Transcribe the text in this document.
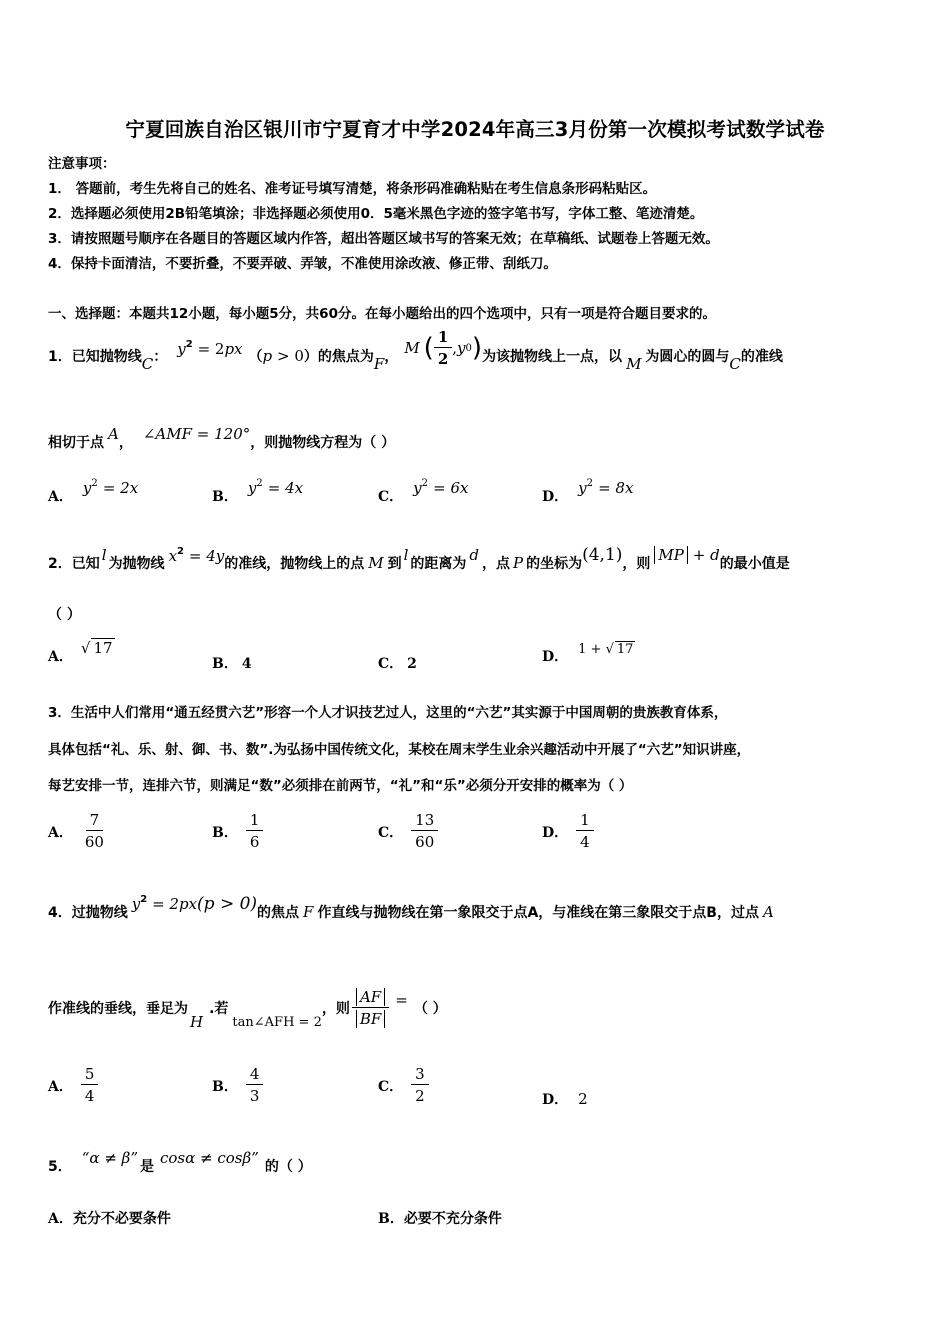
宁夏回族自治区银川市宁夏育才中学2024年高三3月份第一次模拟考试数学试卷
注意事项：
1． 答题前，考生先将自己的姓名、准考证号填写清楚，将条形码准确粘贴在考生信息条形码粘贴区。
2．选择题必须使用2B铅笔填涂；非选择题必须使用0．5毫米黑色字迹的签字笔书写，字体工整、笔迹清楚。
3．请按照题号顺序在各题目的答题区域内作答，超出答题区域书写的答案无效；在草稿纸、试题卷上答题无效。
4．保持卡面清洁，不要折叠，不要弄破、弄皱，不准使用涂改液、修正带、刮纸刀。
一、选择题：本题共12小题，每小题5分，共60分。在每小题给出的四个选项中，只有一项是符合题目要求的。
1．已知抛物线 C ： $y^2 = 2px$ （ p
> 0 ）的焦点为 F ， M ( $\frac{1}{2}$ , y 0 ) 为该抛物线上一点，以 M 为圆心的圆与 C 的准线
相切于点 A ， ∠AMF = 120° ，则抛物线方程为（ ）
A． $y^2 = 2x$	B． $y^2 = 4x$	C． $y^2 = 6x$	D． $y^2 = 8x$
2．已知 l 为抛物线 $x^2 = 4y$ 的准线，抛物线上的点 M 到 l 的距离为 d ，点 P 的坐标为 (4,1) ，则 MP + d 的最小值是
（ ）
A． √ 17
B． 4	C． 2	D． $^{1 + √ 17}$
3．生活中人们常用“通五经贯六艺”形容一个人才识技艺过人，这里的“六艺”其实源于中国周朝的贵族教育体系，
具体包括“礼、乐、射、御、书、数”.为弘扬中国传统文化，某校在周末学生业余兴趣活动中开展了“六艺”知识讲座，
每艺安排一节，连排六节，则满足“数”必须排在前两节，“礼”和“乐”必须分开安排的概率为（ ）
A． $\frac{7}{60}$	B． $\frac{1}{6}$	C． $\frac{13}{60}$	D． $\frac{1}{4}$
4．过抛物线 $y^2 = 2px(p > 0)$ 的焦点 F 作直线与抛物线在第一象限交于点A，与准线在第三象限交于点B，过点 A
作准线的垂线，垂足为
H
.若
tan∠AFH = 2
，则 $\frac{AF}{BF}$ = （ ）
A． $\frac{5}{4}$	B． $\frac{4}{3}$	C． $\frac{3}{2}$	D． 2
5． “α ≠ β” 是 cosα ≠ cosβ” 的（ ）
A．充分不必要条件	B．必要不充分条件
